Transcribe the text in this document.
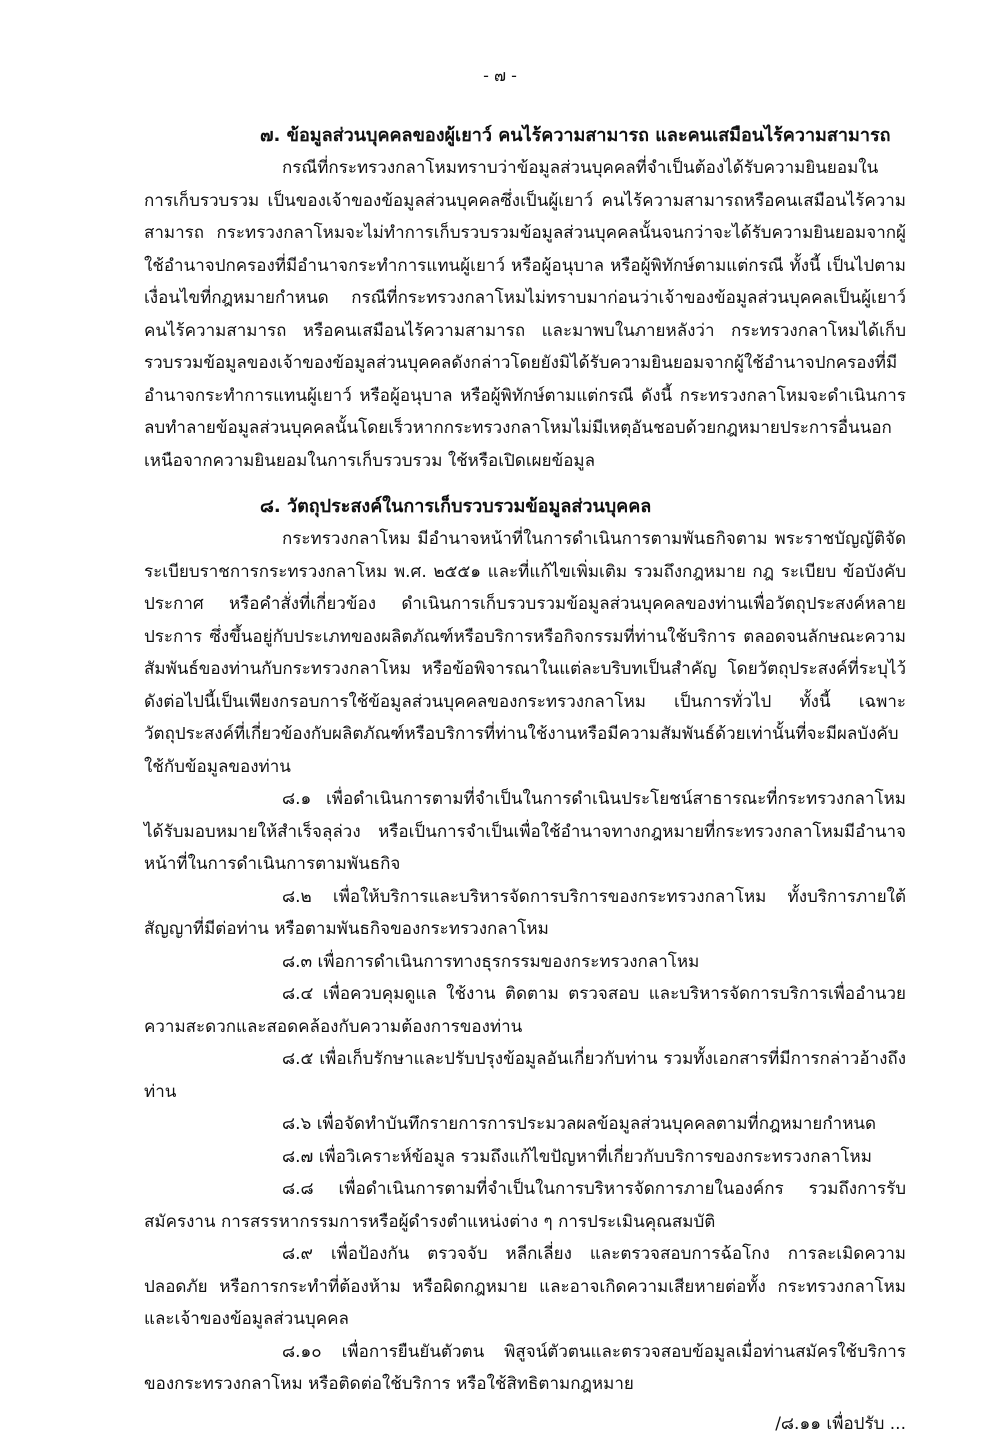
- ๗ -
๗. ข้อมูลส่วนบุคคลของผู้เยาว์ คนไร้ความสามารถ และคนเสมือนไร้ความสามารถ

กรณีที่กระทรวงกลาโหมทราบว่าข้อมูลส่วนบุคคลที่จำเป็นต้องได้รับความยินยอมในการเก็บรวบรวม เป็นของเจ้าของข้อมูลส่วนบุคคลซึ่งเป็นผู้เยาว์ คนไร้ความสามารถหรือคนเสมือนไร้ความสามารถ กระทรวงกลาโหมจะไม่ทำการเก็บรวบรวมข้อมูลส่วนบุคคลนั้นจนกว่าจะได้รับความยินยอมจากผู้ใช้อำนาจปกครองที่มีอำนาจกระทำการแทนผู้เยาว์ หรือผู้อนุบาล หรือผู้พิทักษ์ตามแต่กรณี ทั้งนี้ เป็นไปตามเงื่อนไขที่กฎหมายกำหนด กรณีที่กระทรวงกลาโหมไม่ทราบมาก่อนว่าเจ้าของข้อมูลส่วนบุคคลเป็นผู้เยาว์ คนไร้ความสามารถ หรือคนเสมือนไร้ความสามารถ และมาพบในภายหลังว่า กระทรวงกลาโหมได้เก็บรวบรวมข้อมูลของเจ้าของข้อมูลส่วนบุคคลดังกล่าวโดยยังมิได้รับความยินยอมจากผู้ใช้อำนาจปกครองที่มีอำนาจกระทำการแทนผู้เยาว์ หรือผู้อนุบาล หรือผู้พิทักษ์ตามแต่กรณี ดังนี้ กระทรวงกลาโหมจะดำเนินการลบทำลายข้อมูลส่วนบุคคลนั้นโดยเร็วหากกระทรวงกลาโหมไม่มีเหตุอันชอบด้วยกฎหมายประการอื่นนอกเหนือจากความยินยอมในการเก็บรวบรวม ใช้หรือเปิดเผยข้อมูล

๘. วัตถุประสงค์ในการเก็บรวบรวมข้อมูลส่วนบุคคล

กระทรวงกลาโหม มีอำนาจหน้าที่ในการดำเนินการตามพันธกิจตาม พระราชบัญญัติจัดระเบียบราชการกระทรวงกลาโหม พ.ศ. ๒๕๕๑ และที่แก้ไขเพิ่มเติม รวมถึงกฎหมาย กฎ ระเบียบ ข้อบังคับ ประกาศ หรือคำสั่งที่เกี่ยวข้อง ดำเนินการเก็บรวบรวมข้อมูลส่วนบุคคลของท่านเพื่อวัตถุประสงค์หลายประการ ซึ่งขึ้นอยู่กับประเภทของผลิตภัณฑ์หรือบริการหรือกิจกรรมที่ท่านใช้บริการ ตลอดจนลักษณะความสัมพันธ์ของท่านกับกระทรวงกลาโหม หรือข้อพิจารณาในแต่ละบริบทเป็นสำคัญ โดยวัตถุประสงค์ที่ระบุไว้ดังต่อไปนี้เป็นเพียงกรอบการใช้ข้อมูลส่วนบุคคลของกระทรวงกลาโหม เป็นการทั่วไป ทั้งนี้ เฉพาะวัตถุประสงค์ที่เกี่ยวข้องกับผลิตภัณฑ์หรือบริการที่ท่านใช้งานหรือมีความสัมพันธ์ด้วยเท่านั้นที่จะมีผลบังคับใช้กับข้อมูลของท่าน

๘.๑ เพื่อดำเนินการตามที่จำเป็นในการดำเนินประโยชน์สาธารณะที่กระทรวงกลาโหมได้รับมอบหมายให้สำเร็จลุล่วง หรือเป็นการจำเป็นเพื่อใช้อำนาจทางกฎหมายที่กระทรวงกลาโหมมีอำนาจหน้าที่ในการดำเนินการตามพันธกิจ

๘.๒ เพื่อให้บริการและบริหารจัดการบริการของกระทรวงกลาโหม ทั้งบริการภายใต้สัญญาที่มีต่อท่าน หรือตามพันธกิจของกระทรวงกลาโหม

๘.๓ เพื่อการดำเนินการทางธุรกรรมของกระทรวงกลาโหม

๘.๔ เพื่อควบคุมดูแล ใช้งาน ติดตาม ตรวจสอบ และบริหารจัดการบริการเพื่ออำนวยความสะดวกและสอดคล้องกับความต้องการของท่าน

๘.๕ เพื่อเก็บรักษาและปรับปรุงข้อมูลอันเกี่ยวกับท่าน รวมทั้งเอกสารที่มีการกล่าวอ้างถึงท่าน

๘.๖ เพื่อจัดทำบันทึกรายการการประมวลผลข้อมูลส่วนบุคคลตามที่กฎหมายกำหนด

๘.๗ เพื่อวิเคราะห์ข้อมูล รวมถึงแก้ไขปัญหาที่เกี่ยวกับบริการของกระทรวงกลาโหม

๘.๘ เพื่อดำเนินการตามที่จำเป็นในการบริหารจัดการภายในองค์กร รวมถึงการรับสมัครงาน การสรรหากรรมการหรือผู้ดำรงตำแหน่งต่าง ๆ การประเมินคุณสมบัติ

๘.๙ เพื่อป้องกัน ตรวจจับ หลีกเลี่ยง และตรวจสอบการฉ้อโกง การละเมิดความปลอดภัย หรือการกระทำที่ต้องห้าม หรือผิดกฎหมาย และอาจเกิดความเสียหายต่อทั้ง กระทรวงกลาโหม และเจ้าของข้อมูลส่วนบุคคล

๘.๑๐ เพื่อการยืนยันตัวตน พิสูจน์ตัวตนและตรวจสอบข้อมูลเมื่อท่านสมัครใช้บริการของกระทรวงกลาโหม หรือติดต่อใช้บริการ หรือใช้สิทธิตามกฎหมาย

/๘.๑๑ เพื่อปรับ ...
